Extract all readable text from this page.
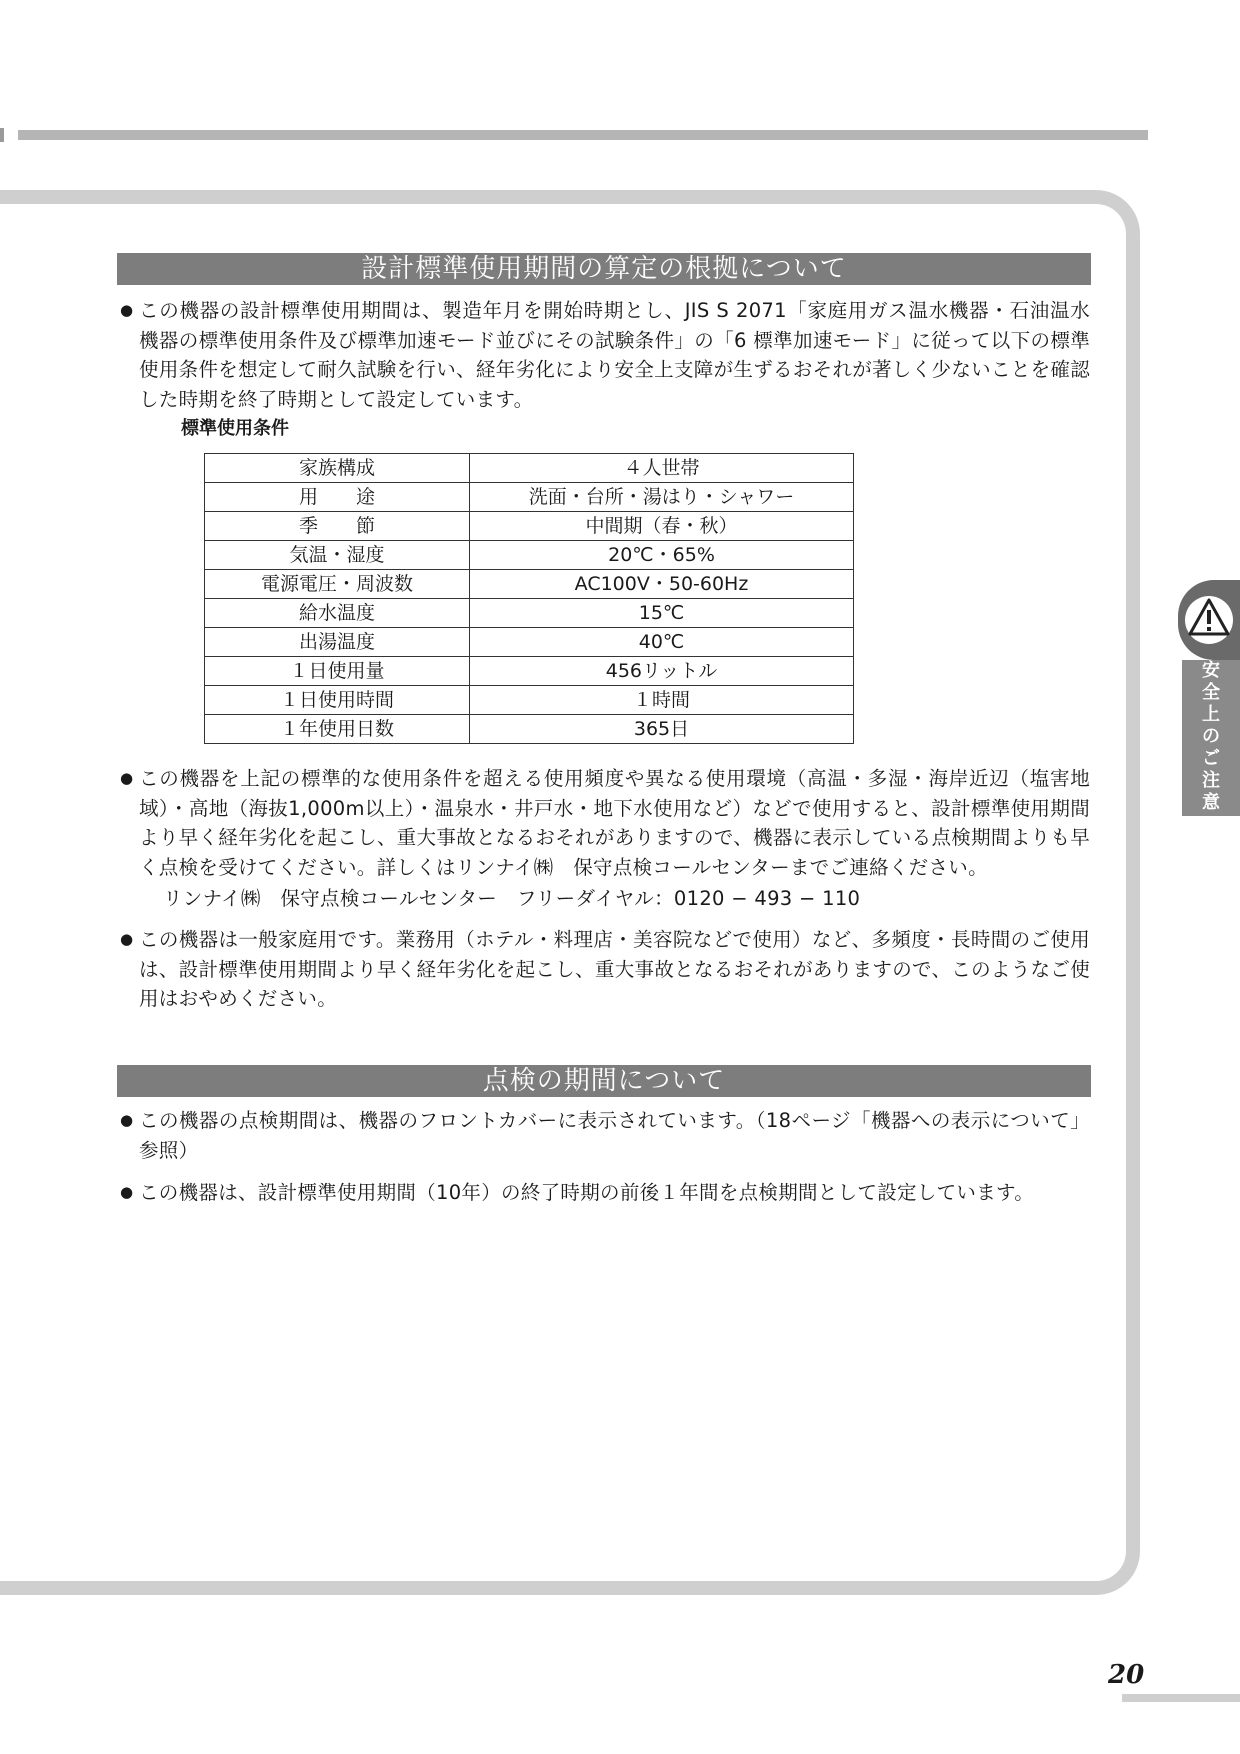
設計標準使用期間の算定の根拠について
● この機器の設計標準使用期間は、製造年月を開始時期とし、JIS S 2071「家庭用ガス温水機器・石油温水機器の標準使用条件及び標準加速モード並びにその試験条件」の「6 標準加速モード」に従って以下の標準使用条件を想定して耐久試験を行い、経年劣化により安全上支障が生ずるおそれが著しく少ないことを確認した時期を終了時期として設定しています。
標準使用条件
家族構成	４人世帯
用　　途	洗面・台所・湯はり・シャワー
季　　節	中間期（春・秋）
気温・湿度	20℃・65%
電源電圧・周波数	AC100V・50-60Hz
給水温度	15℃
出湯温度	40℃
１日使用量	456リットル
１日使用時間	１時間
１年使用日数	365日
● この機器を上記の標準的な使用条件を超える使用頻度や異なる使用環境（高温・多湿・海岸近辺（塩害地域）・高地（海抜1,000m以上）・温泉水・井戸水・地下水使用など）などで使用すると、設計標準使用期間より早く経年劣化を起こし、重大事故となるおそれがありますので、機器に表示している点検期間よりも早く点検を受けてください。詳しくはリンナイ㈱　保守点検コールセンターまでご連絡ください。
リンナイ㈱　保守点検コールセンター　フリーダイヤル：0120 − 493 − 110
● この機器は一般家庭用です。業務用（ホテル・料理店・美容院などで使用）など、多頻度・長時間のご使用は、設計標準使用期間より早く経年劣化を起こし、重大事故となるおそれがありますので、このようなご使用はおやめください。
点検の期間について
● この機器の点検期間は、機器のフロントカバーに表示されています。（18ページ「機器への表示について」参照）
● この機器は、設計標準使用期間（10年）の終了時期の前後１年間を点検期間として設定しています。
安
全
上
の
ご
注
意
20
